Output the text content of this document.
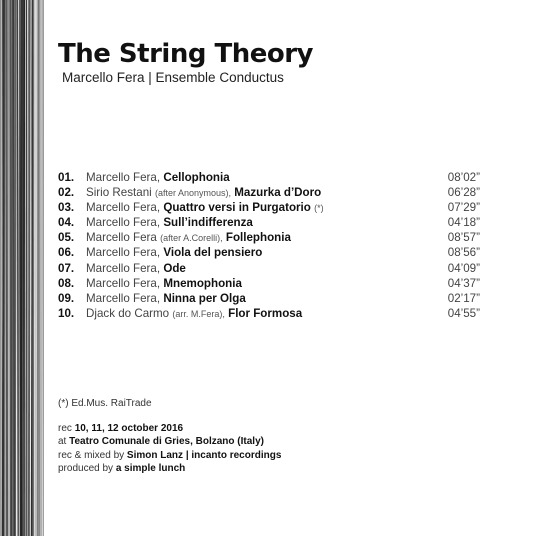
The String Theory
Marcello Fera | Ensemble Conductus
01. Marcello Fera, Cellophonia	08’02”
02. Sirio Restani (after Anonymous), Mazurka d’Doro	06’28”
03. Marcello Fera, Quattro versi in Purgatorio (*)	07’29”
04. Marcello Fera, Sull’indifferenza	04’18”
05. Marcello Fera (after A.Corelli), Follephonia	08’57”
06. Marcello Fera, Viola del pensiero	08’56”
07. Marcello Fera, Ode	04’09”
08. Marcello Fera, Mnemophonia	04’37”
09. Marcello Fera, Ninna per Olga	02’17”
10. Djack do Carmo (arr. M.Fera), Flor Formosa	04’55”
(*) Ed.Mus. RaiTrade
rec 10, 11, 12 october 2016
at Teatro Comunale di Gries, Bolzano (Italy)
rec & mixed by Simon Lanz | incanto recordings
produced by a simple lunch
